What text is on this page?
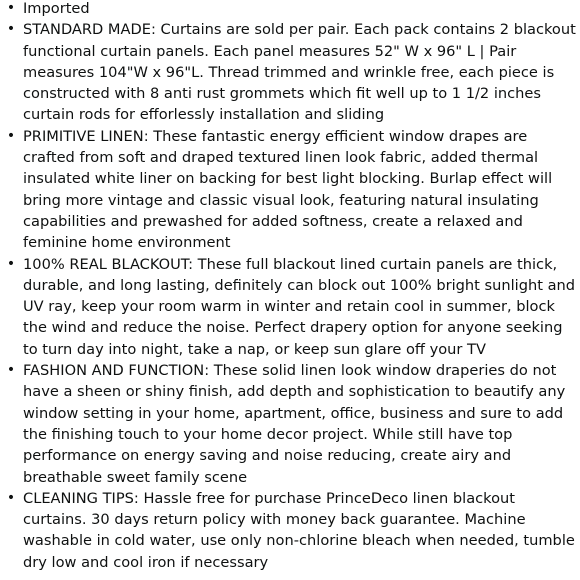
• Imported
• STANDARD MADE: Curtains are sold per pair. Each pack contains 2 blackout functional curtain panels. Each panel measures 52" W x 96" L | Pair measures 104"W x 96"L. Thread trimmed and wrinkle free, each piece is constructed with 8 anti rust grommets which fit well up to 1 1/2 inches curtain rods for efforlessly installation and sliding
• PRIMITIVE LINEN: These fantastic energy efficient window drapes are crafted from soft and draped textured linen look fabric, added thermal insulated white liner on backing for best light blocking. Burlap effect will bring more vintage and classic visual look, featuring natural insulating capabilities and prewashed for added softness, create a relaxed and feminine home environment
• 100% REAL BLACKOUT: These full blackout lined curtain panels are thick, durable, and long lasting, definitely can block out 100% bright sunlight and UV ray, keep your room warm in winter and retain cool in summer, block the wind and reduce the noise. Perfect drapery option for anyone seeking to turn day into night, take a nap, or keep sun glare off your TV
• FASHION AND FUNCTION: These solid linen look window draperies do not have a sheen or shiny finish, add depth and sophistication to beautify any window setting in your home, apartment, office, business and sure to add the finishing touch to your home decor project. While still have top performance on energy saving and noise reducing, create airy and breathable sweet family scene
• CLEANING TIPS: Hassle free for purchase PrinceDeco linen blackout curtains. 30 days return policy with money back guarantee. Machine washable in cold water, use only non-chlorine bleach when needed, tumble dry low and cool iron if necessary
